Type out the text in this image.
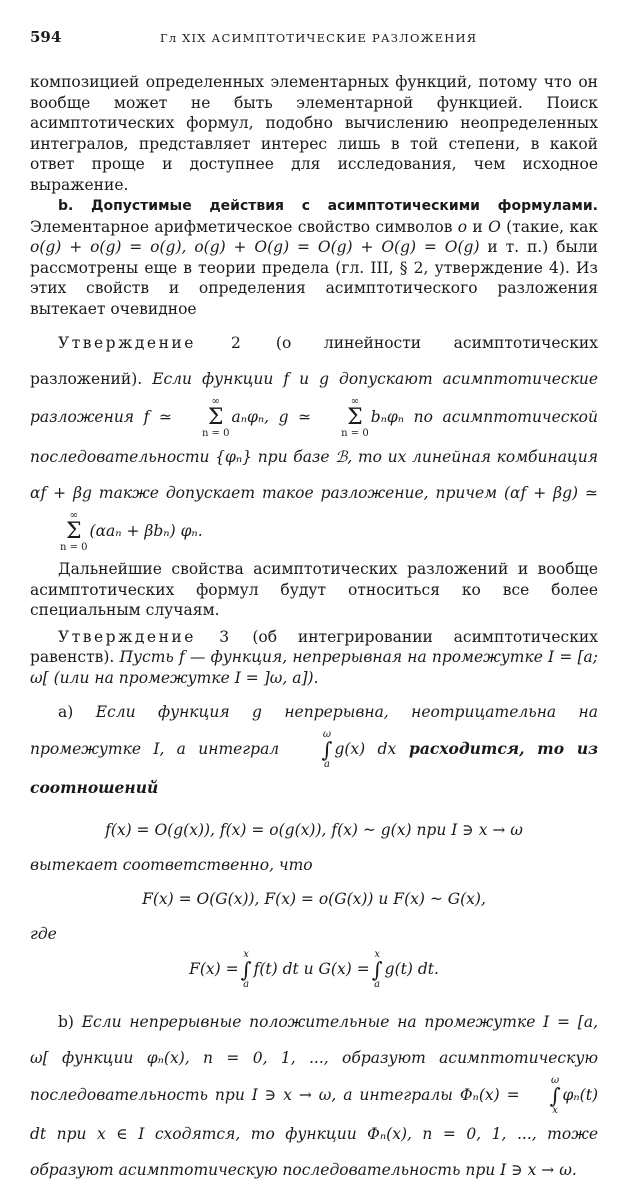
594	Гл XIX АСИМПТОТИЧЕСКИЕ РАЗЛОЖЕНИЯ

композицией определенных элементарных функций, потому что он вообще может не быть элементарной функцией. Поиск асимптотических формул, подобно вычислению неопределенных интегралов, представляет интерес лишь в той степени, в какой ответ проще и доступнее для исследования, чем исходное выражение.

b. Допустимые действия с асимптотическими формулами. Элементарное арифметическое свойство символов o и O (такие, как o(g) + o(g) = o(g), o(g) + O(g) = O(g) + O(g) = O(g) и т. п.) были рассмотрены еще в теории предела (гл. III, § 2, утверждение 4). Из этих свойств и определения асимптотического разложения вытекает очевидное

Утверждение 2 (о линейности асимптотических разложений). Если функции f и g допускают асимптотические разложения f ≃
∞
Σ
n = 0
aₙφₙ, g ≃
∞
Σ
n = 0
bₙφₙ по асимптотической последовательности {φₙ} при базе ℬ, то их линейная комбинация αf + βg также допускает такое разложение, причем (αf + βg) ≃
∞
Σ
n = 0
(αaₙ + βbₙ) φₙ.

Дальнейшие свойства асимптотических разложений и вообще асимптотических формул будут относиться ко все более специальным случаям.

Утверждение 3 (об интегрировании асимптотических равенств). Пусть f — функция, непрерывная на промежутке I = [a; ω[ (или на промежутке I = ]ω, a]).

a) Если функция g непрерывна, неотрицательна на промежутке I, а интеграл
ω
∫
a
g(x) dx расходится, то из соотношений

f(x) = O(g(x)), f(x) = o(g(x)), f(x) ~ g(x) при I ∋ x → ω

вытекает соответственно, что

F(x) = O(G(x)), F(x) = o(G(x)) и F(x) ~ G(x),

где

F(x) =
x
∫
a
f(t) dt и G(x) =
x
∫
a
g(t) dt.

b) Если непрерывные положительные на промежутке I = [a, ω[ функции φₙ(x), n = 0, 1, ..., образуют асимптотическую последовательность при I ∋ x → ω, а интегралы Φₙ(x) =
ω
∫
x
φₙ(t) dt при x ∈ I сходятся, то функции Φₙ(x), n = 0, 1, ..., тоже образуют асимптотическую последовательность при I ∋ x → ω.
